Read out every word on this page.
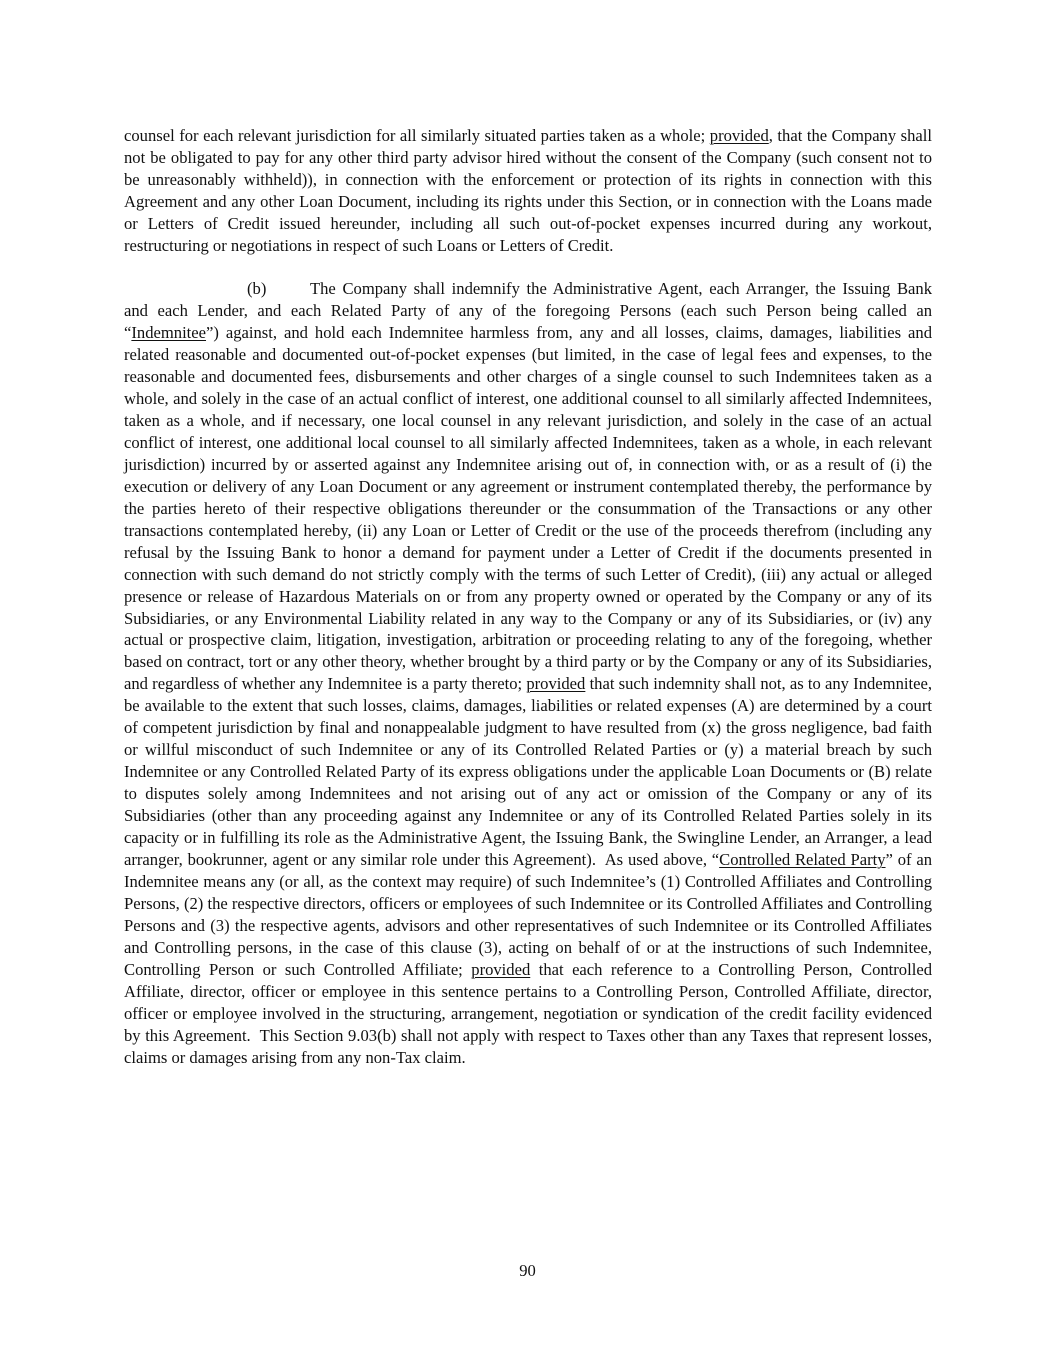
counsel for each relevant jurisdiction for all similarly situated parties taken as a whole; provided, that the Company shall not be obligated to pay for any other third party advisor hired without the consent of the Company (such consent not to be unreasonably withheld)), in connection with the enforcement or protection of its rights in connection with this Agreement and any other Loan Document, including its rights under this Section, or in connection with the Loans made or Letters of Credit issued hereunder, including all such out-of-pocket expenses incurred during any workout, restructuring or negotiations in respect of such Loans or Letters of Credit.

(b)	The Company shall indemnify the Administrative Agent, each Arranger, the Issuing Bank and each Lender, and each Related Party of any of the foregoing Persons (each such Person being called an “Indemnitee”) against, and hold each Indemnitee harmless from, any and all losses, claims, damages, liabilities and related reasonable and documented out-of-pocket expenses (but limited, in the case of legal fees and expenses, to the reasonable and documented fees, disbursements and other charges of a single counsel to such Indemnitees taken as a whole, and solely in the case of an actual conflict of interest, one additional counsel to all similarly affected Indemnitees, taken as a whole, and if necessary, one local counsel in any relevant jurisdiction, and solely in the case of an actual conflict of interest, one additional local counsel to all similarly affected Indemnitees, taken as a whole, in each relevant jurisdiction) incurred by or asserted against any Indemnitee arising out of, in connection with, or as a result of (i) the execution or delivery of any Loan Document or any agreement or instrument contemplated thereby, the performance by the parties hereto of their respective obligations thereunder or the consummation of the Transactions or any other transactions contemplated hereby, (ii) any Loan or Letter of Credit or the use of the proceeds therefrom (including any refusal by the Issuing Bank to honor a demand for payment under a Letter of Credit if the documents presented in connection with such demand do not strictly comply with the terms of such Letter of Credit), (iii) any actual or alleged presence or release of Hazardous Materials on or from any property owned or operated by the Company or any of its Subsidiaries, or any Environmental Liability related in any way to the Company or any of its Subsidiaries, or (iv) any actual or prospective claim, litigation, investigation, arbitration or proceeding relating to any of the foregoing, whether based on contract, tort or any other theory, whether brought by a third party or by the Company or any of its Subsidiaries, and regardless of whether any Indemnitee is a party thereto; provided that such indemnity shall not, as to any Indemnitee, be available to the extent that such losses, claims, damages, liabilities or related expenses (A) are determined by a court of competent jurisdiction by final and nonappealable judgment to have resulted from (x) the gross negligence, bad faith or willful misconduct of such Indemnitee or any of its Controlled Related Parties or (y) a material breach by such Indemnitee or any Controlled Related Party of its express obligations under the applicable Loan Documents or (B) relate to disputes solely among Indemnitees and not arising out of any act or omission of the Company or any of its Subsidiaries (other than any proceeding against any Indemnitee or any of its Controlled Related Parties solely in its capacity or in fulfilling its role as the Administrative Agent, the Issuing Bank, the Swingline Lender, an Arranger, a lead arranger, bookrunner, agent or any similar role under this Agreement).  As used above, “Controlled Related Party” of an Indemnitee means any (or all, as the context may require) of such Indemnitee’s (1) Controlled Affiliates and Controlling Persons, (2) the respective directors, officers or employees of such Indemnitee or its Controlled Affiliates and Controlling Persons and (3) the respective agents, advisors and other representatives of such Indemnitee or its Controlled Affiliates and Controlling persons, in the case of this clause (3), acting on behalf of or at the instructions of such Indemnitee, Controlling Person or such Controlled Affiliate; provided that each reference to a Controlling Person, Controlled Affiliate, director, officer or employee in this sentence pertains to a Controlling Person, Controlled Affiliate, director, officer or employee involved in the structuring, arrangement, negotiation or syndication of the credit facility evidenced by this Agreement.  This Section 9.03(b) shall not apply with respect to Taxes other than any Taxes that represent losses, claims or damages arising from any non-Tax claim.

90
